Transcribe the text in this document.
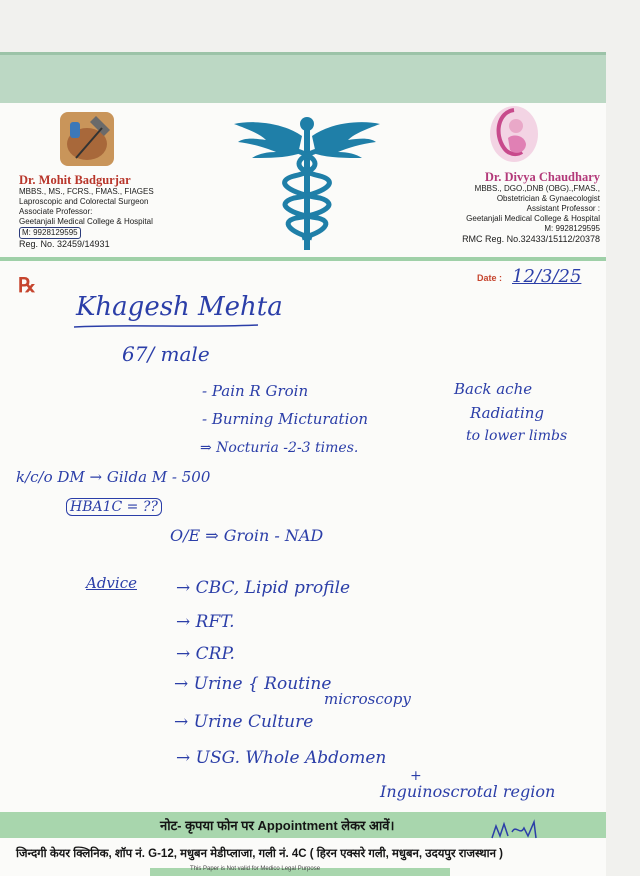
Dr. Mohit Badgurjar
MBBS., MS., FCRS., FMAS., FIAGES
Laproscopic and Colorectal Surgeon
Associate Professor:
Geetanjali Medical College & Hospital
M: 9928129595
Reg. No. 32459/14931
Dr. Divya Chaudhary
MBBS., DGO.,DNB (OBG).,FMAS.,
Obstetrician & Gynaecologist
Assistant Professor :
Geetanjali Medical College & Hospital
M: 9928129595
RMC Reg. No.32433/15112/20378
℞	Date : 12/3/25
Khagesh Mehta
67/ male
- Pain R Groin
- Burning Micturation
⇒ Nocturia -2-3 times.
Back ache
Radiating
to lower limbs
k/c/o DM → Gilda M - 500
HBA1C = ??
O/E ⇒ Groin - NAD
Advice → CBC, Lipid profile
→ RFT.
→ CRP.
→ Urine { Routine
microscopy
→ Urine Culture
→ USG. Whole Abdomen
+
Inguinoscrotal region
नोट- कृपया फोन पर Appointment लेकर आवें।
जिन्दगी केयर क्लिनिक, शॉप नं. G-12, मधुबन मेडीप्लाजा, गली नं. 4C ( हिरन एक्सरे गली, मधुबन, उदयपुर राजस्थान )
This Paper is Not valid for Medico Legal Purpose
